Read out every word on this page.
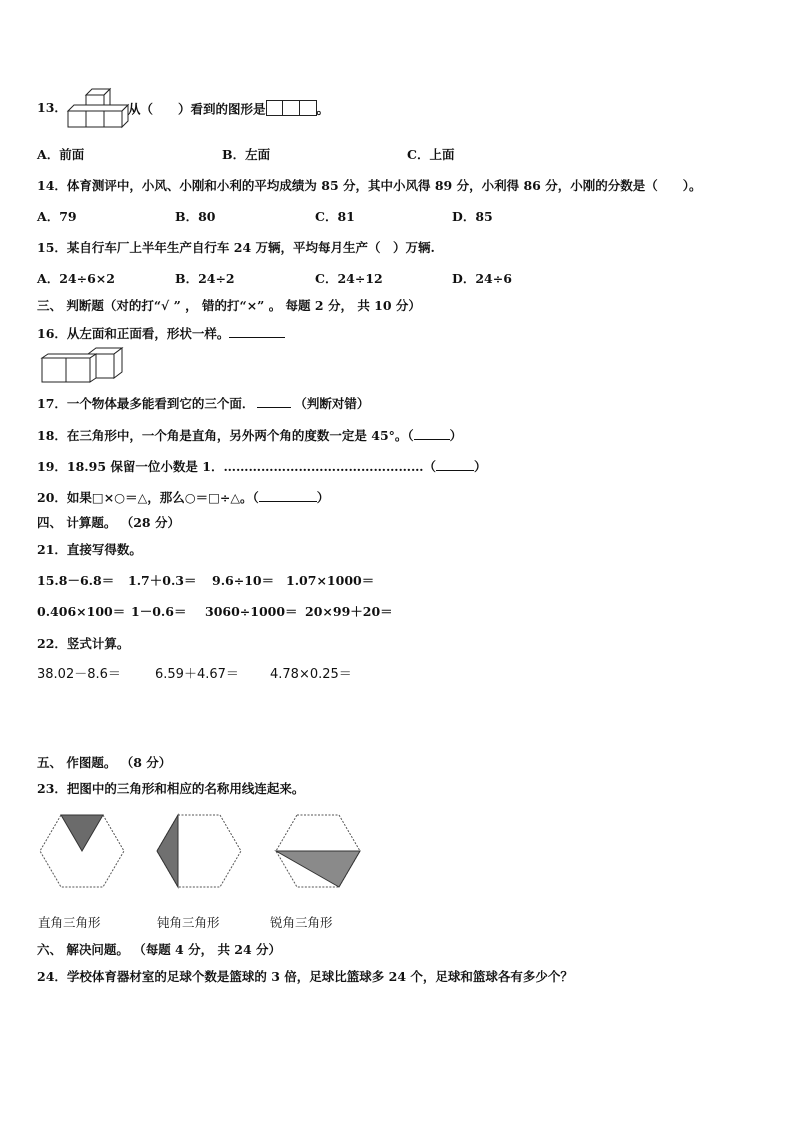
13．	从（　　）看到的图形是	。
A．前面	B．左面	C．上面
14．体育测评中，小风、小刚和小利的平均成绩为 85 分，其中小风得 89 分，小利得 86 分，小刚的分数是（　　）。
A．79	B．80	C．81	D．85
15．某自行车厂上半年生产自行车 24 万辆，平均每月生产（　）万辆.
A．24÷6×2	B．24÷2	C．24÷12	D．24÷6
三、 判断题（对的打“√ ” ， 错的打“×” 。 每题 2 分， 共 10 分）
16．从左面和正面看，形状一样。
17．一个物体最多能看到它的三个面．	（判断对错）
18．在三角形中，一个角是直角，另外两个角的度数一定是 45°。（	）
19．18.95 保留一位小数是 1．…………………………………………（	）
20．如果□×○＝△，那么○＝□÷△。（	）
四、 计算题。 （28 分）
21．直接写得数。
15.8－6.8＝ 1.7＋0.3＝ 9.6÷10＝ 1.07×1000＝
0.406×100＝ 1－0.6＝ 3060÷1000＝ 20×99＋20＝
22．竖式计算。
38.02－8.6＝	6.59＋4.67＝ 4.78×0.25＝
五、 作图题。 （8 分）
23．把图中的三角形和相应的名称用线连起来。
直角三角形	钝角三角形	锐角三角形
六、 解决问题。 （每题 4 分， 共 24 分）
24．学校体育器材室的足球个数是篮球的 3 倍，足球比篮球多 24 个，足球和篮球各有多少个？
